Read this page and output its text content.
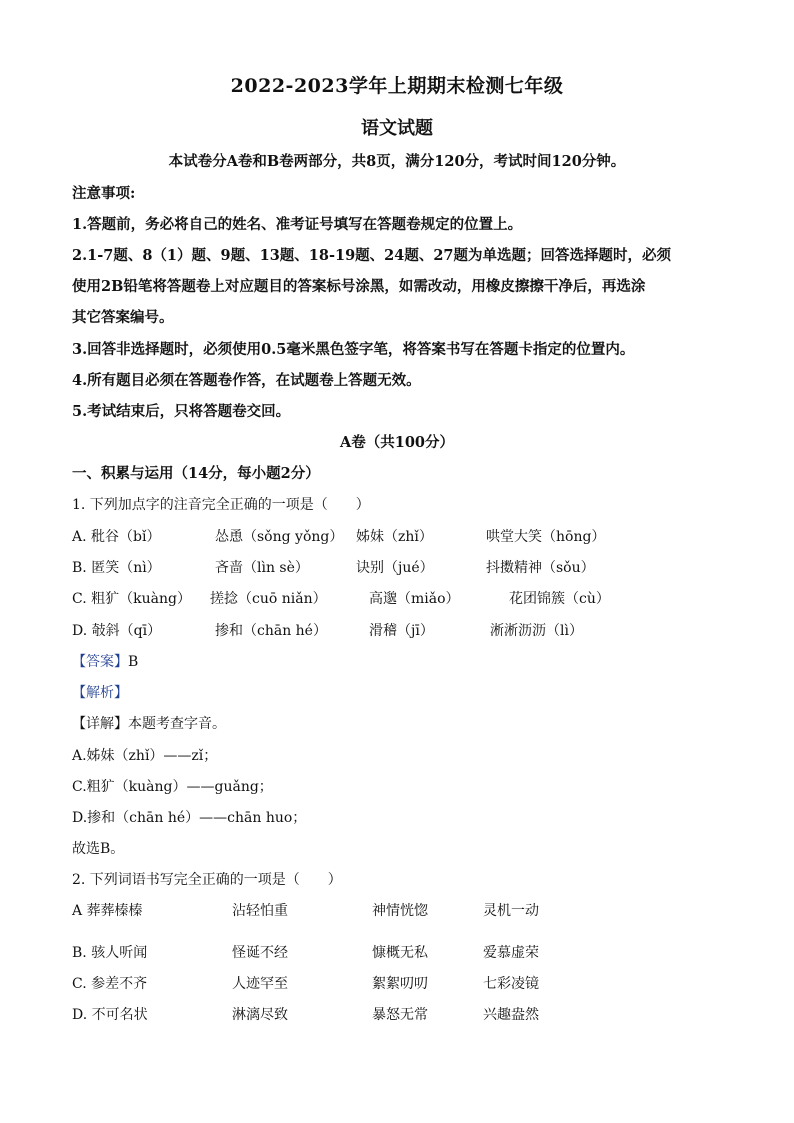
2022-2023学年上期期末检测七年级
语文试题
本试卷分A卷和B卷两部分，共8页，满分120分，考试时间120分钟。
注意事项:
1.答题前，务必将自己的姓名、准考证号填写在答题卷规定的位置上。
2.1-7题、8（1）题、9题、13题、18-19题、24题、27题为单选题；回答选择题时，必须
使用2B铅笔将答题卷上对应题目的答案标号涂黑，如需改动，用橡皮擦擦干净后，再选涂
其它答案编号。
3.回答非选择题时，必须使用0.5毫米黑色签字笔，将答案书写在答题卡指定的位置内。
4.所有题目必须在答题卷作答，在试题卷上答题无效。
5.考试结束后，只将答题卷交回。
A卷（共100分）
一、积累与运用（14分，每小题2分）
1. 下列加点字的注音完全正确的一项是（　　）
A. 秕谷（bǐ）	怂恿（sǒng yǒng） 姊妹（zhǐ）	哄堂大笑（hōng）
B. 匿笑（nì）	吝啬（lìn sè）	诀别（jué）	抖擞精神（sǒu）
C. 粗犷（kuàng） 搓捻（cuō niǎn）	高邈（miǎo）	花团锦簇（cù）
D. 攲斜（qī）	掺和（chān hé）	滑稽（jī）	淅淅沥沥（lì）
【答案】B
【解析】
【详解】本题考查字音。
A.姊妹（zhǐ）——zǐ；
C.粗犷（kuàng）——guǎng；
D.掺和（chān hé）——chān huo；
故选B。
2. 下列词语书写完全正确的一项是（　　）
A 葬葬榛榛	沾轻怕重	神情恍惚	灵机一动
B. 骇人听闻	怪诞不经	慷概无私	爱慕虚荣
C. 参差不齐	人迹罕至	絮絮叨叨	七彩凌镜
D. 不可名状	淋漓尽致	暴怒无常	兴趣盎然
